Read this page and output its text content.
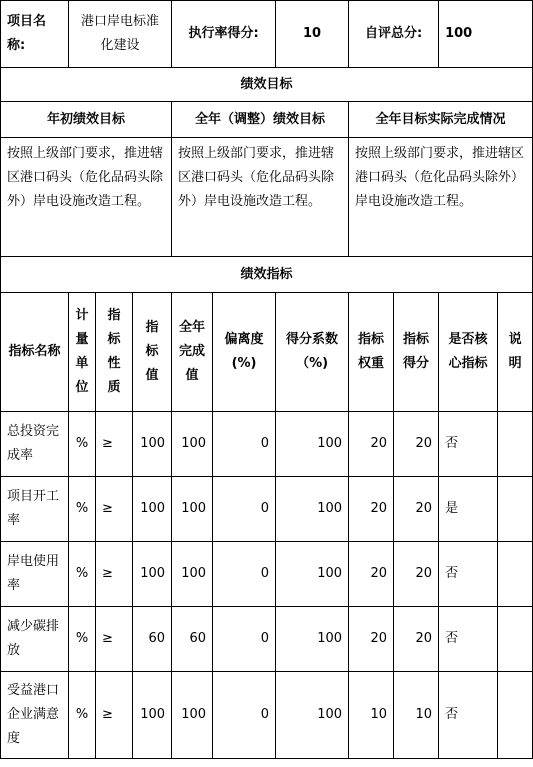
项目名称:	港口岸电标准化建设			执行率得分:		10	自评总分:		100	
绩效目标										
年初绩效目标				全年（调整）绩效目标			全年目标实际完成情况			
按照上级部门要求，推进辖区港口码头（危化品码头除外）岸电设施改造工程。				按照上级部门要求，推进辖区港口码头（危化品码头除外）岸电设施改造工程。			按照上级部门要求，推进辖区港口码头（危化品码头除外）岸电设施改造工程。			
绩效指标										
指标名称	计量单位	指标性质	指标值	全年完成值	偏离度(%)	得分系数（%)	指标权重	指标得分	是否核心指标	说明
总投资完成率	%	≥	100	100	0	100	20	20	否	
项目开工率	%	≥	100	100	0	100	20	20	是	
岸电使用率	%	≥	100	100	0	100	20	20	否	
减少碳排放	%	≥	60	60	0	100	20	20	否	
受益港口企业满意度	%	≥	100	100	0	100	10	10	否	
